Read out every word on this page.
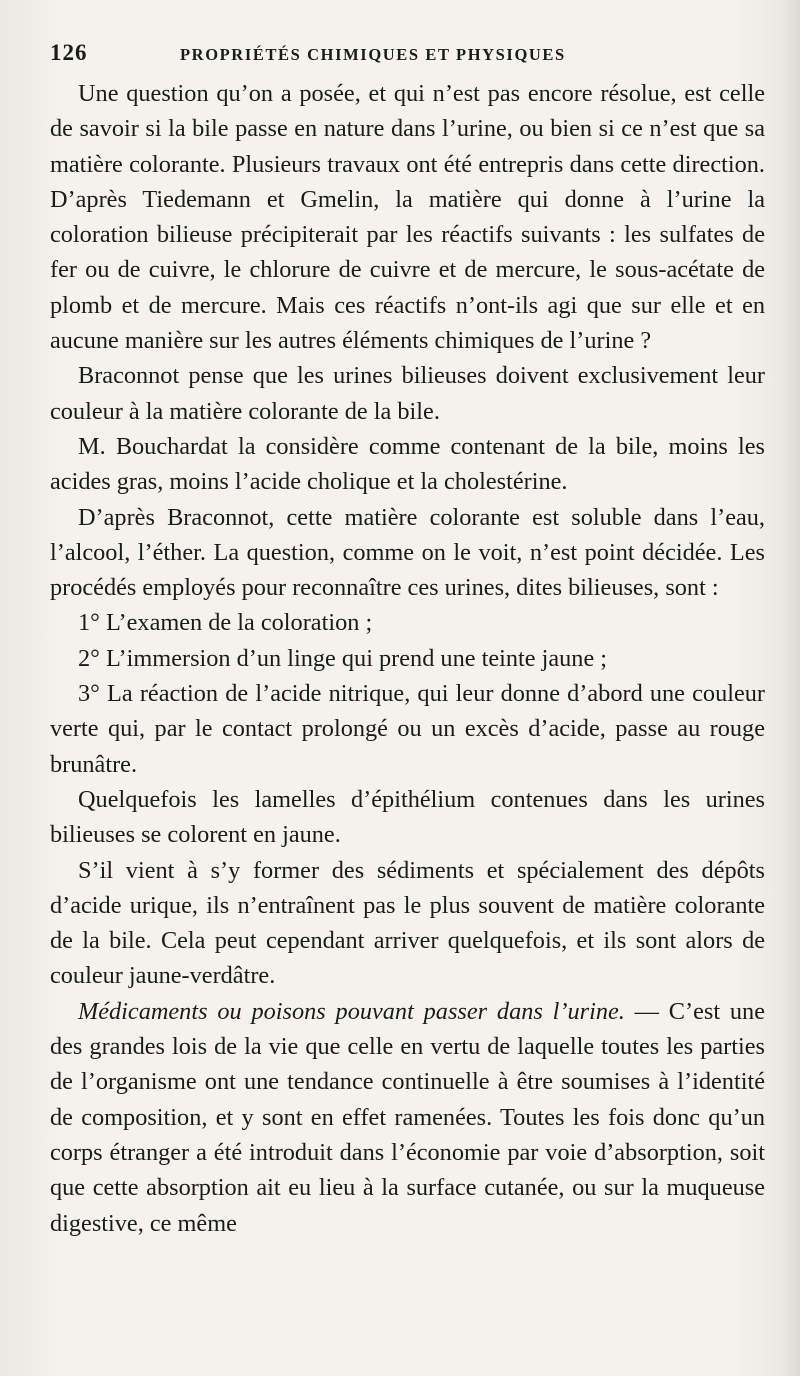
126	PROPRIÉTÉS CHIMIQUES ET PHYSIQUES

Une question qu’on a posée, et qui n’est pas encore résolue, est celle de savoir si la bile passe en nature dans l’urine, ou bien si ce n’est que sa matière colorante. Plusieurs travaux ont été entrepris dans cette direction. D’après Tiedemann et Gmelin, la matière qui donne à l’urine la coloration bilieuse précipiterait par les réactifs suivants : les sulfates de fer ou de cuivre, le chlorure de cuivre et de mercure, le sous-acétate de plomb et de mercure. Mais ces réactifs n’ont-ils agi que sur elle et en aucune manière sur les autres éléments chimiques de l’urine ?

Braconnot pense que les urines bilieuses doivent exclusivement leur couleur à la matière colorante de la bile.

M. Bouchardat la considère comme contenant de la bile, moins les acides gras, moins l’acide cholique et la cholestérine.

D’après Braconnot, cette matière colorante est soluble dans l’eau, l’alcool, l’éther. La question, comme on le voit, n’est point décidée. Les procédés employés pour reconnaître ces urines, dites bilieuses, sont :

1° L’examen de la coloration ;

2° L’immersion d’un linge qui prend une teinte jaune ;

3° La réaction de l’acide nitrique, qui leur donne d’abord une couleur verte qui, par le contact prolongé ou un excès d’acide, passe au rouge brunâtre.

Quelquefois les lamelles d’épithélium contenues dans les urines bilieuses se colorent en jaune.

S’il vient à s’y former des sédiments et spécialement des dépôts d’acide urique, ils n’entraînent pas le plus souvent de matière colorante de la bile. Cela peut cependant arriver quelquefois, et ils sont alors de couleur jaune-verdâtre.

Médicaments ou poisons pouvant passer dans l’urine. — C’est une des grandes lois de la vie que celle en vertu de laquelle toutes les parties de l’organisme ont une tendance continuelle à être soumises à l’identité de composition, et y sont en effet ramenées. Toutes les fois donc qu’un corps étranger a été introduit dans l’économie par voie d’absorption, soit que cette absorption ait eu lieu à la surface cutanée, ou sur la muqueuse digestive, ce même
